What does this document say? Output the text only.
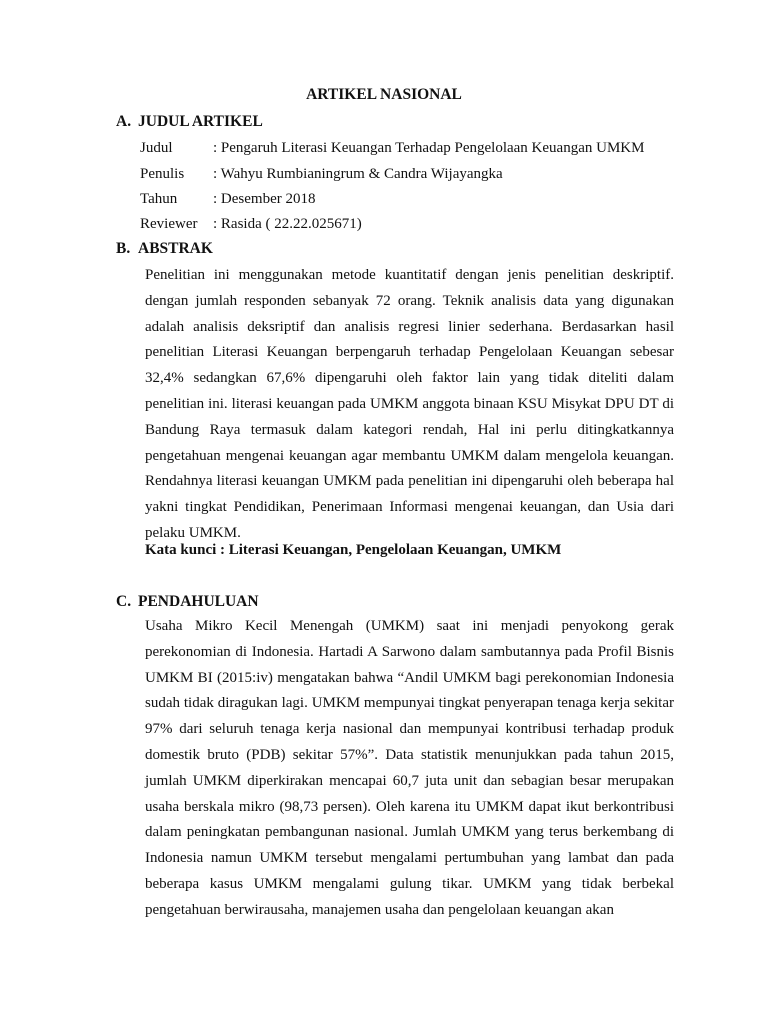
ARTIKEL NASIONAL
A. JUDUL ARTIKEL
Judul	: Pengaruh Literasi Keuangan Terhadap Pengelolaan Keuangan UMKM
Penulis : Wahyu Rumbianingrum & Candra Wijayangka
Tahun : Desember 2018
Reviewer : Rasida ( 22.22.025671)
B. ABSTRAK

Penelitian ini menggunakan metode kuantitatif dengan jenis penelitian deskriptif. dengan jumlah responden sebanyak 72 orang. Teknik analisis data yang digunakan adalah analisis deksriptif dan analisis regresi linier sederhana. Berdasarkan hasil penelitian Literasi Keuangan berpengaruh terhadap Pengelolaan Keuangan sebesar 32,4% sedangkan 67,6% dipengaruhi oleh faktor lain yang tidak diteliti dalam penelitian ini. literasi keuangan pada UMKM anggota binaan KSU Misykat DPU DT di Bandung Raya termasuk dalam kategori rendah, Hal ini perlu ditingkatkannya pengetahuan mengenai keuangan agar membantu UMKM dalam mengelola keuangan. Rendahnya literasi keuangan UMKM pada penelitian ini dipengaruhi oleh beberapa hal yakni tingkat Pendidikan, Penerimaan Informasi mengenai keuangan, dan Usia dari pelaku UMKM.

Kata kunci : Literasi Keuangan, Pengelolaan Keuangan, UMKM
C. PENDAHULUAN

Usaha Mikro Kecil Menengah (UMKM) saat ini menjadi penyokong gerak perekonomian di Indonesia. Hartadi A Sarwono dalam sambutannya pada Profil Bisnis UMKM BI (2015:iv) mengatakan bahwa “Andil UMKM bagi perekonomian Indonesia sudah tidak diragukan lagi. UMKM mempunyai tingkat penyerapan tenaga kerja sekitar 97% dari seluruh tenaga kerja nasional dan mempunyai kontribusi terhadap produk domestik bruto (PDB) sekitar 57%”. Data statistik menunjukkan pada tahun 2015, jumlah UMKM diperkirakan mencapai 60,7 juta unit dan sebagian besar merupakan usaha berskala mikro (98,73 persen). Oleh karena itu UMKM dapat ikut berkontribusi dalam peningkatan pembangunan nasional. Jumlah UMKM yang terus berkembang di Indonesia namun UMKM tersebut mengalami pertumbuhan yang lambat dan pada beberapa kasus UMKM mengalami gulung tikar. UMKM yang tidak berbekal pengetahuan berwirausaha, manajemen usaha dan pengelolaan keuangan akan
